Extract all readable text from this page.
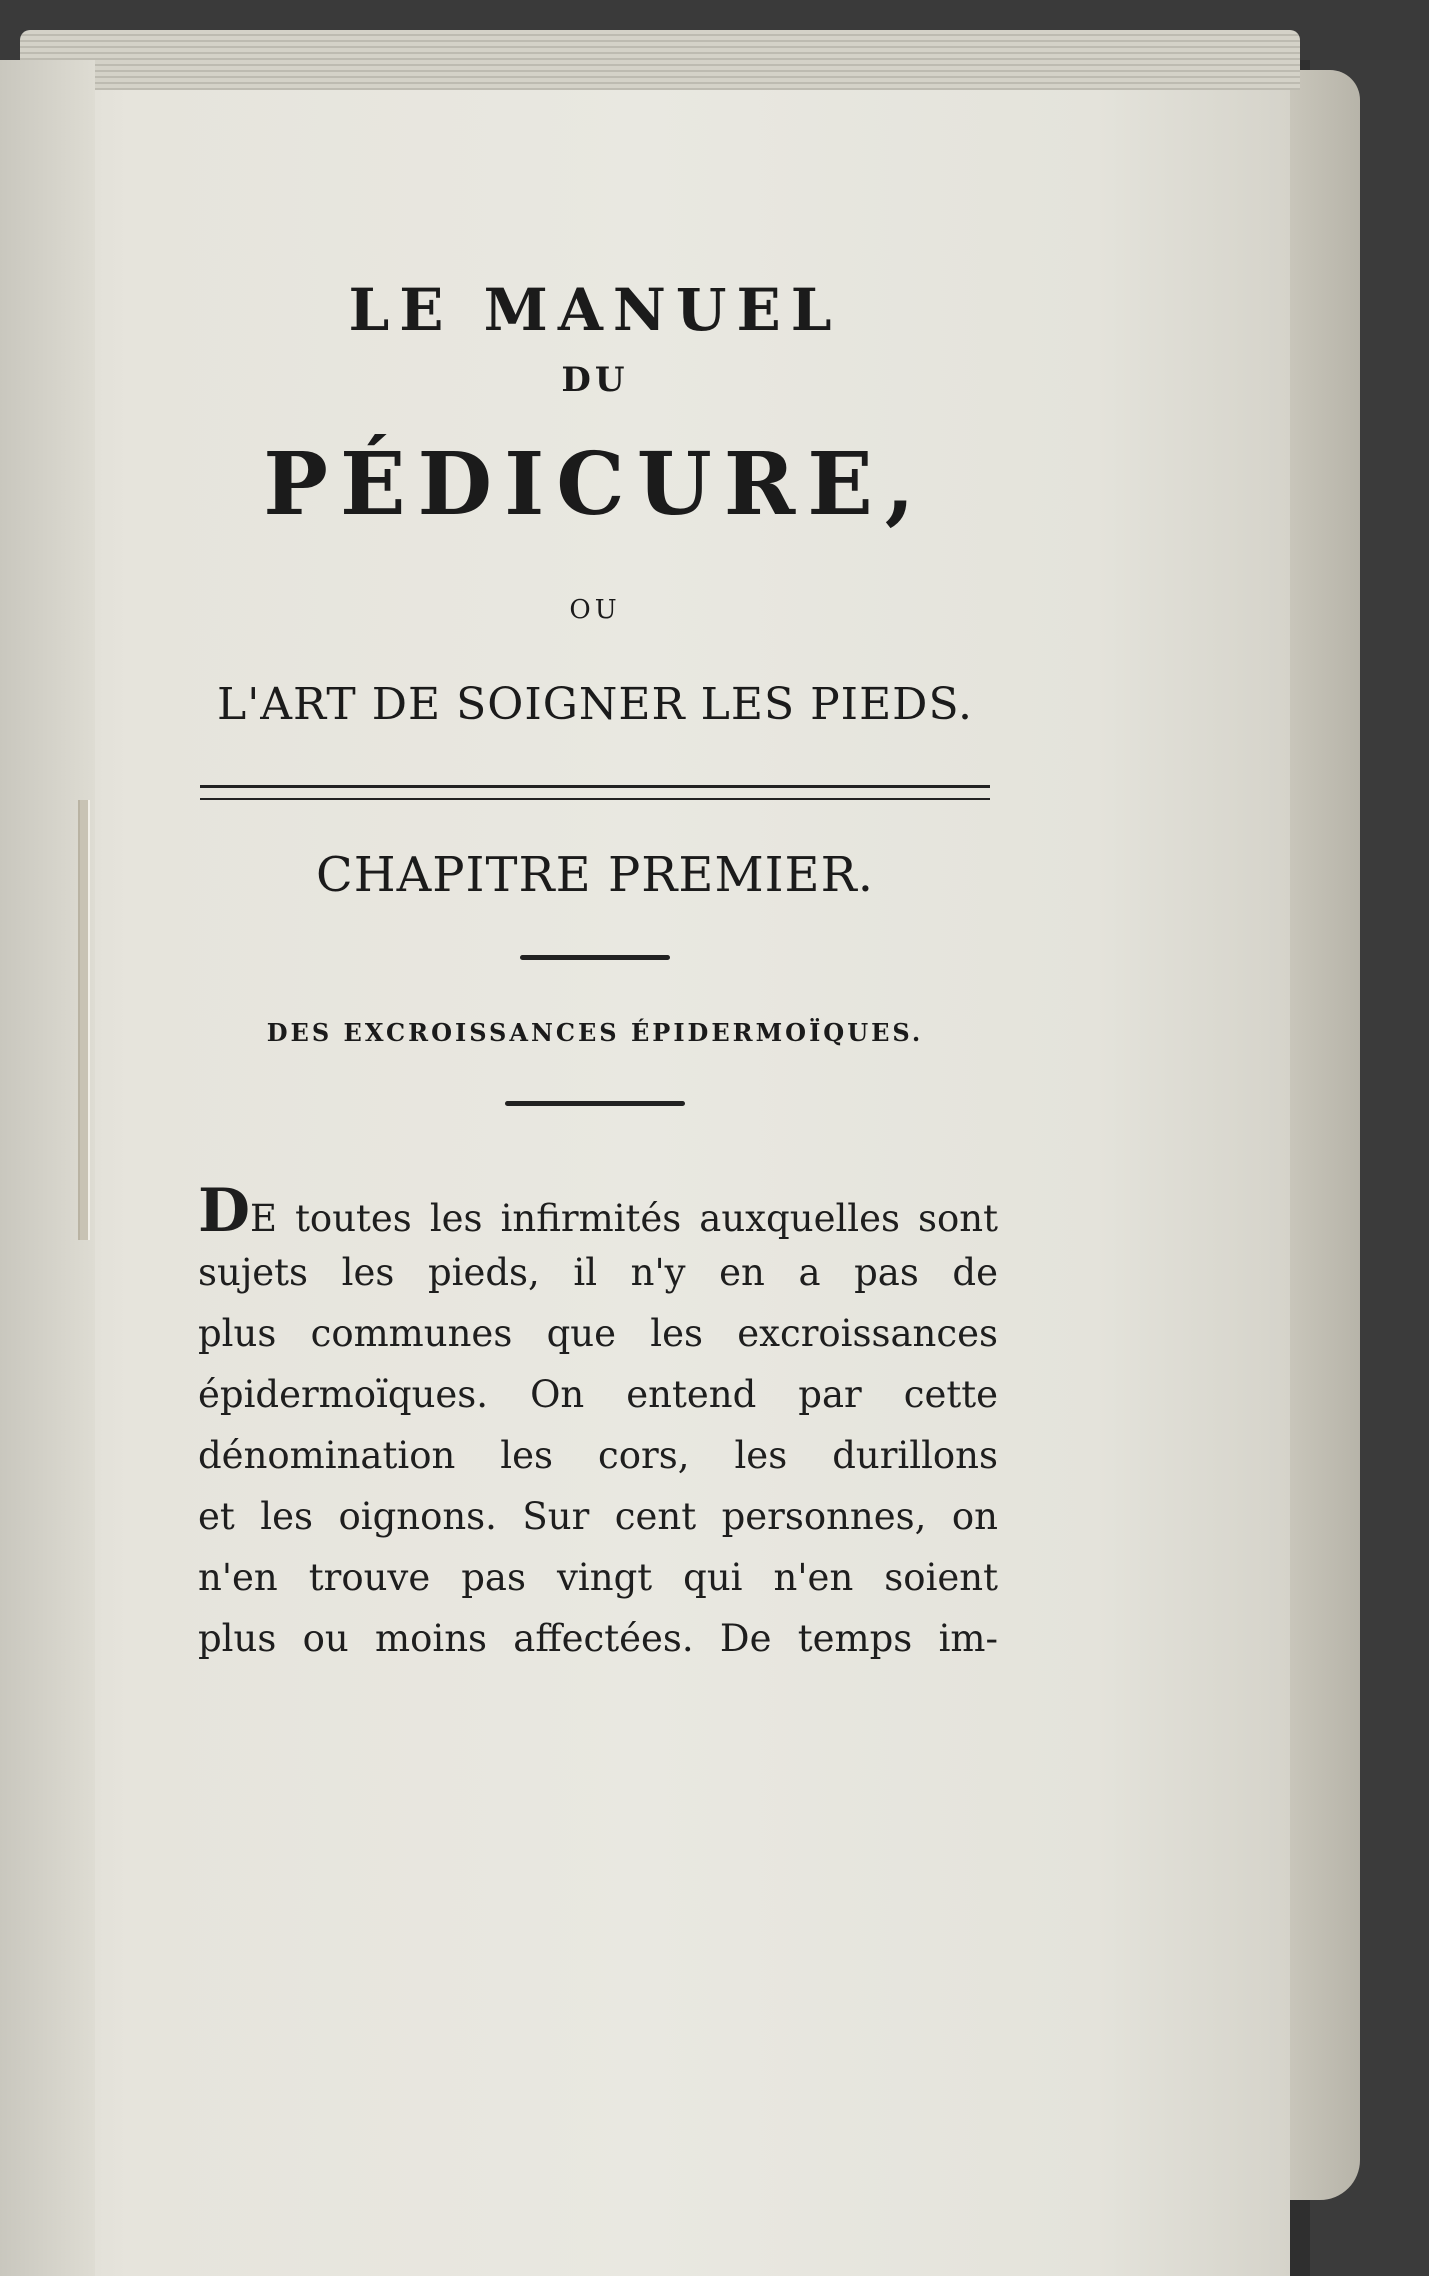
LE MANUEL
DU
PÉDICURE,
OU
L'ART DE SOIGNER LES PIEDS.
CHAPITRE PREMIER.
DES EXCROISSANCES ÉPIDERMOÏQUES.
DE toutes les infirmités auxquelles sont
sujets les pieds, il n'y en a pas de
plus communes que les excroissances
épidermoïques. On entend par cette
dénomination les cors, les durillons
et les oignons. Sur cent personnes, on
n'en trouve pas vingt qui n'en soient
plus ou moins affectées. De temps im-
